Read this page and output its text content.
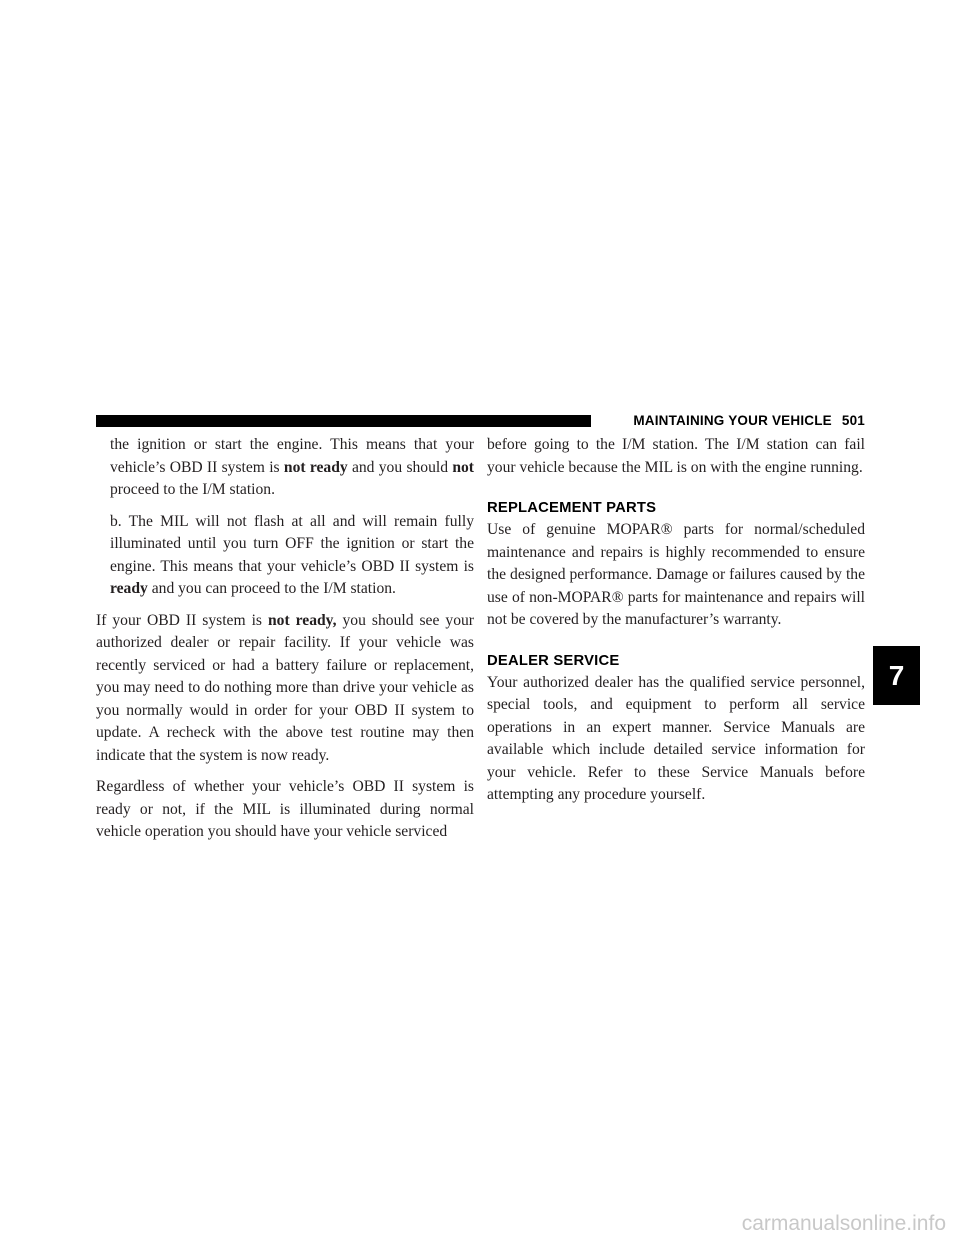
MAINTAINING YOUR VEHICLE 501

the ignition or start the engine. This means that your vehicle’s OBD II system is not ready and you should not proceed to the I/M station.

b. The MIL will not flash at all and will remain fully illuminated until you turn OFF the ignition or start the engine. This means that your vehicle’s OBD II system is ready and you can proceed to the I/M station.

If your OBD II system is not ready, you should see your authorized dealer or repair facility. If your vehicle was recently serviced or had a battery failure or replacement, you may need to do nothing more than drive your vehicle as you normally would in order for your OBD II system to update. A recheck with the above test routine may then indicate that the system is now ready.

Regardless of whether your vehicle’s OBD II system is ready or not, if the MIL is illuminated during normal vehicle operation you should have your vehicle serviced

before going to the I/M station. The I/M station can fail your vehicle because the MIL is on with the engine running.

REPLACEMENT PARTS

Use of genuine MOPAR® parts for normal/scheduled maintenance and repairs is highly recommended to ensure the designed performance. Damage or failures caused by the use of non-MOPAR® parts for maintenance and repairs will not be covered by the manufacturer’s warranty.

DEALER SERVICE

Your authorized dealer has the qualified service personnel, special tools, and equipment to perform all service operations in an expert manner. Service Manuals are available which include detailed service information for your vehicle. Refer to these Service Manuals before attempting any procedure yourself.

7
carmanualsonline.info
